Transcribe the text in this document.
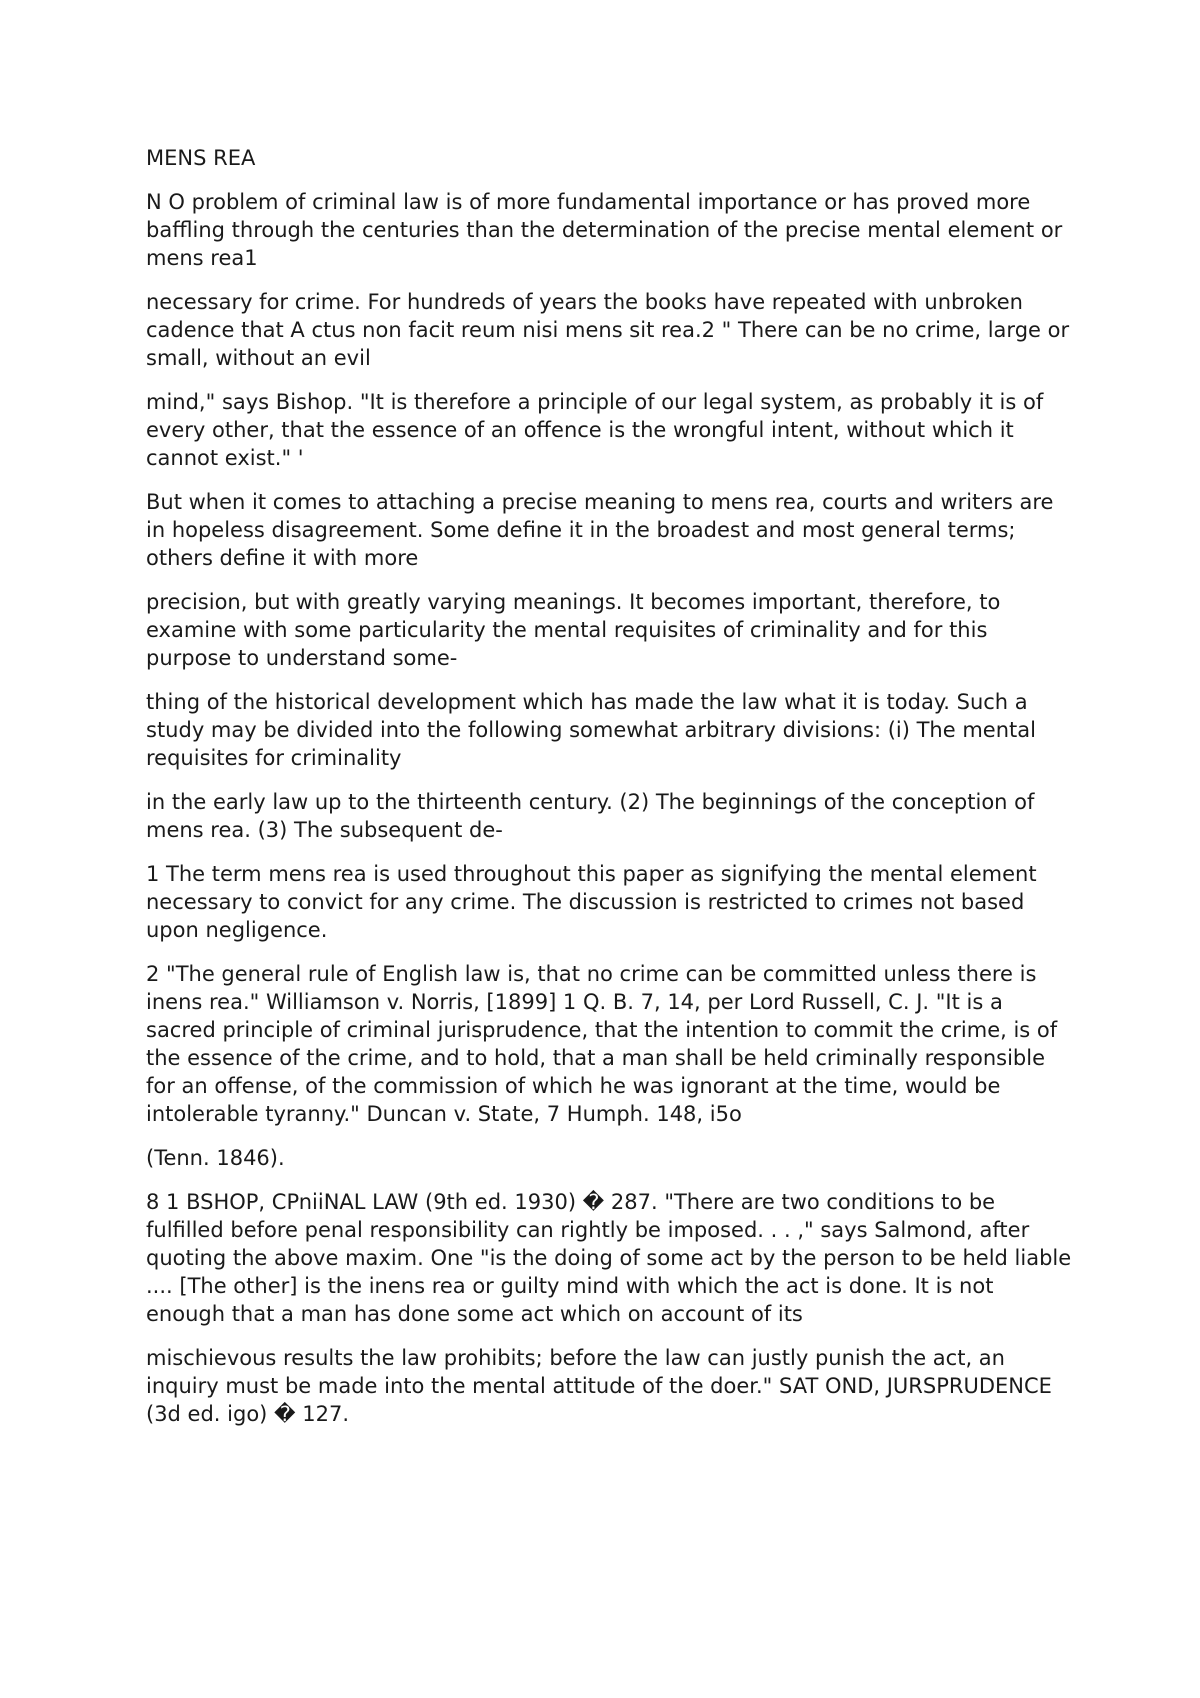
MENS REA

N O problem of criminal law is of more fundamental importance or has proved more baffling through the centuries than the determination of the precise mental element or mens rea1

necessary for crime. For hundreds of years the books have repeated with unbroken cadence that A ctus non facit reum nisi mens sit rea.2 " There can be no crime, large or small, without an evil

mind," says Bishop. "It is therefore a principle of our legal system, as probably it is of every other, that the essence of an offence is the wrongful intent, without which it cannot exist." '

But when it comes to attaching a precise meaning to mens rea, courts and writers are in hopeless disagreement. Some define it in the broadest and most general terms; others define it with more

precision, but with greatly varying meanings. It becomes important, therefore, to examine with some particularity the mental requisites of criminality and for this purpose to understand some-

thing of the historical development which has made the law what it is today. Such a study may be divided into the following somewhat arbitrary divisions: (i) The mental requisites for criminality

in the early law up to the thirteenth century. (2) The beginnings of the conception of mens rea. (3) The subsequent de-

1 The term mens rea is used throughout this paper as signifying the mental element necessary to convict for any crime. The discussion is restricted to crimes not based upon negligence.

2 "The general rule of English law is, that no crime can be committed unless there is inens rea." Williamson v. Norris, [1899] 1 Q. B. 7, 14, per Lord Russell, C. J. "It is a sacred principle of criminal jurisprudence, that the intention to commit the crime, is of the essence of the crime, and to hold, that a man shall be held criminally responsible for an offense, of the commission of which he was ignorant at the time, would be intolerable tyranny." Duncan v. State, 7 Humph. 148, i5o

(Tenn. 1846).

8 1 BSHOP, CPniiNAL LAW (9th ed. 1930) � 287. "There are two conditions to be fulfilled before penal responsibility can rightly be imposed. . . ," says Salmond, after quoting the above maxim. One "is the doing of some act by the person to be held liable .... [The other] is the inens rea or guilty mind with which the act is done. It is not enough that a man has done some act which on account of its

mischievous results the law prohibits; before the law can justly punish the act, an inquiry must be made into the mental attitude of the doer." SAT OND, JURSPRUDENCE (3d ed. igo) � 127.
